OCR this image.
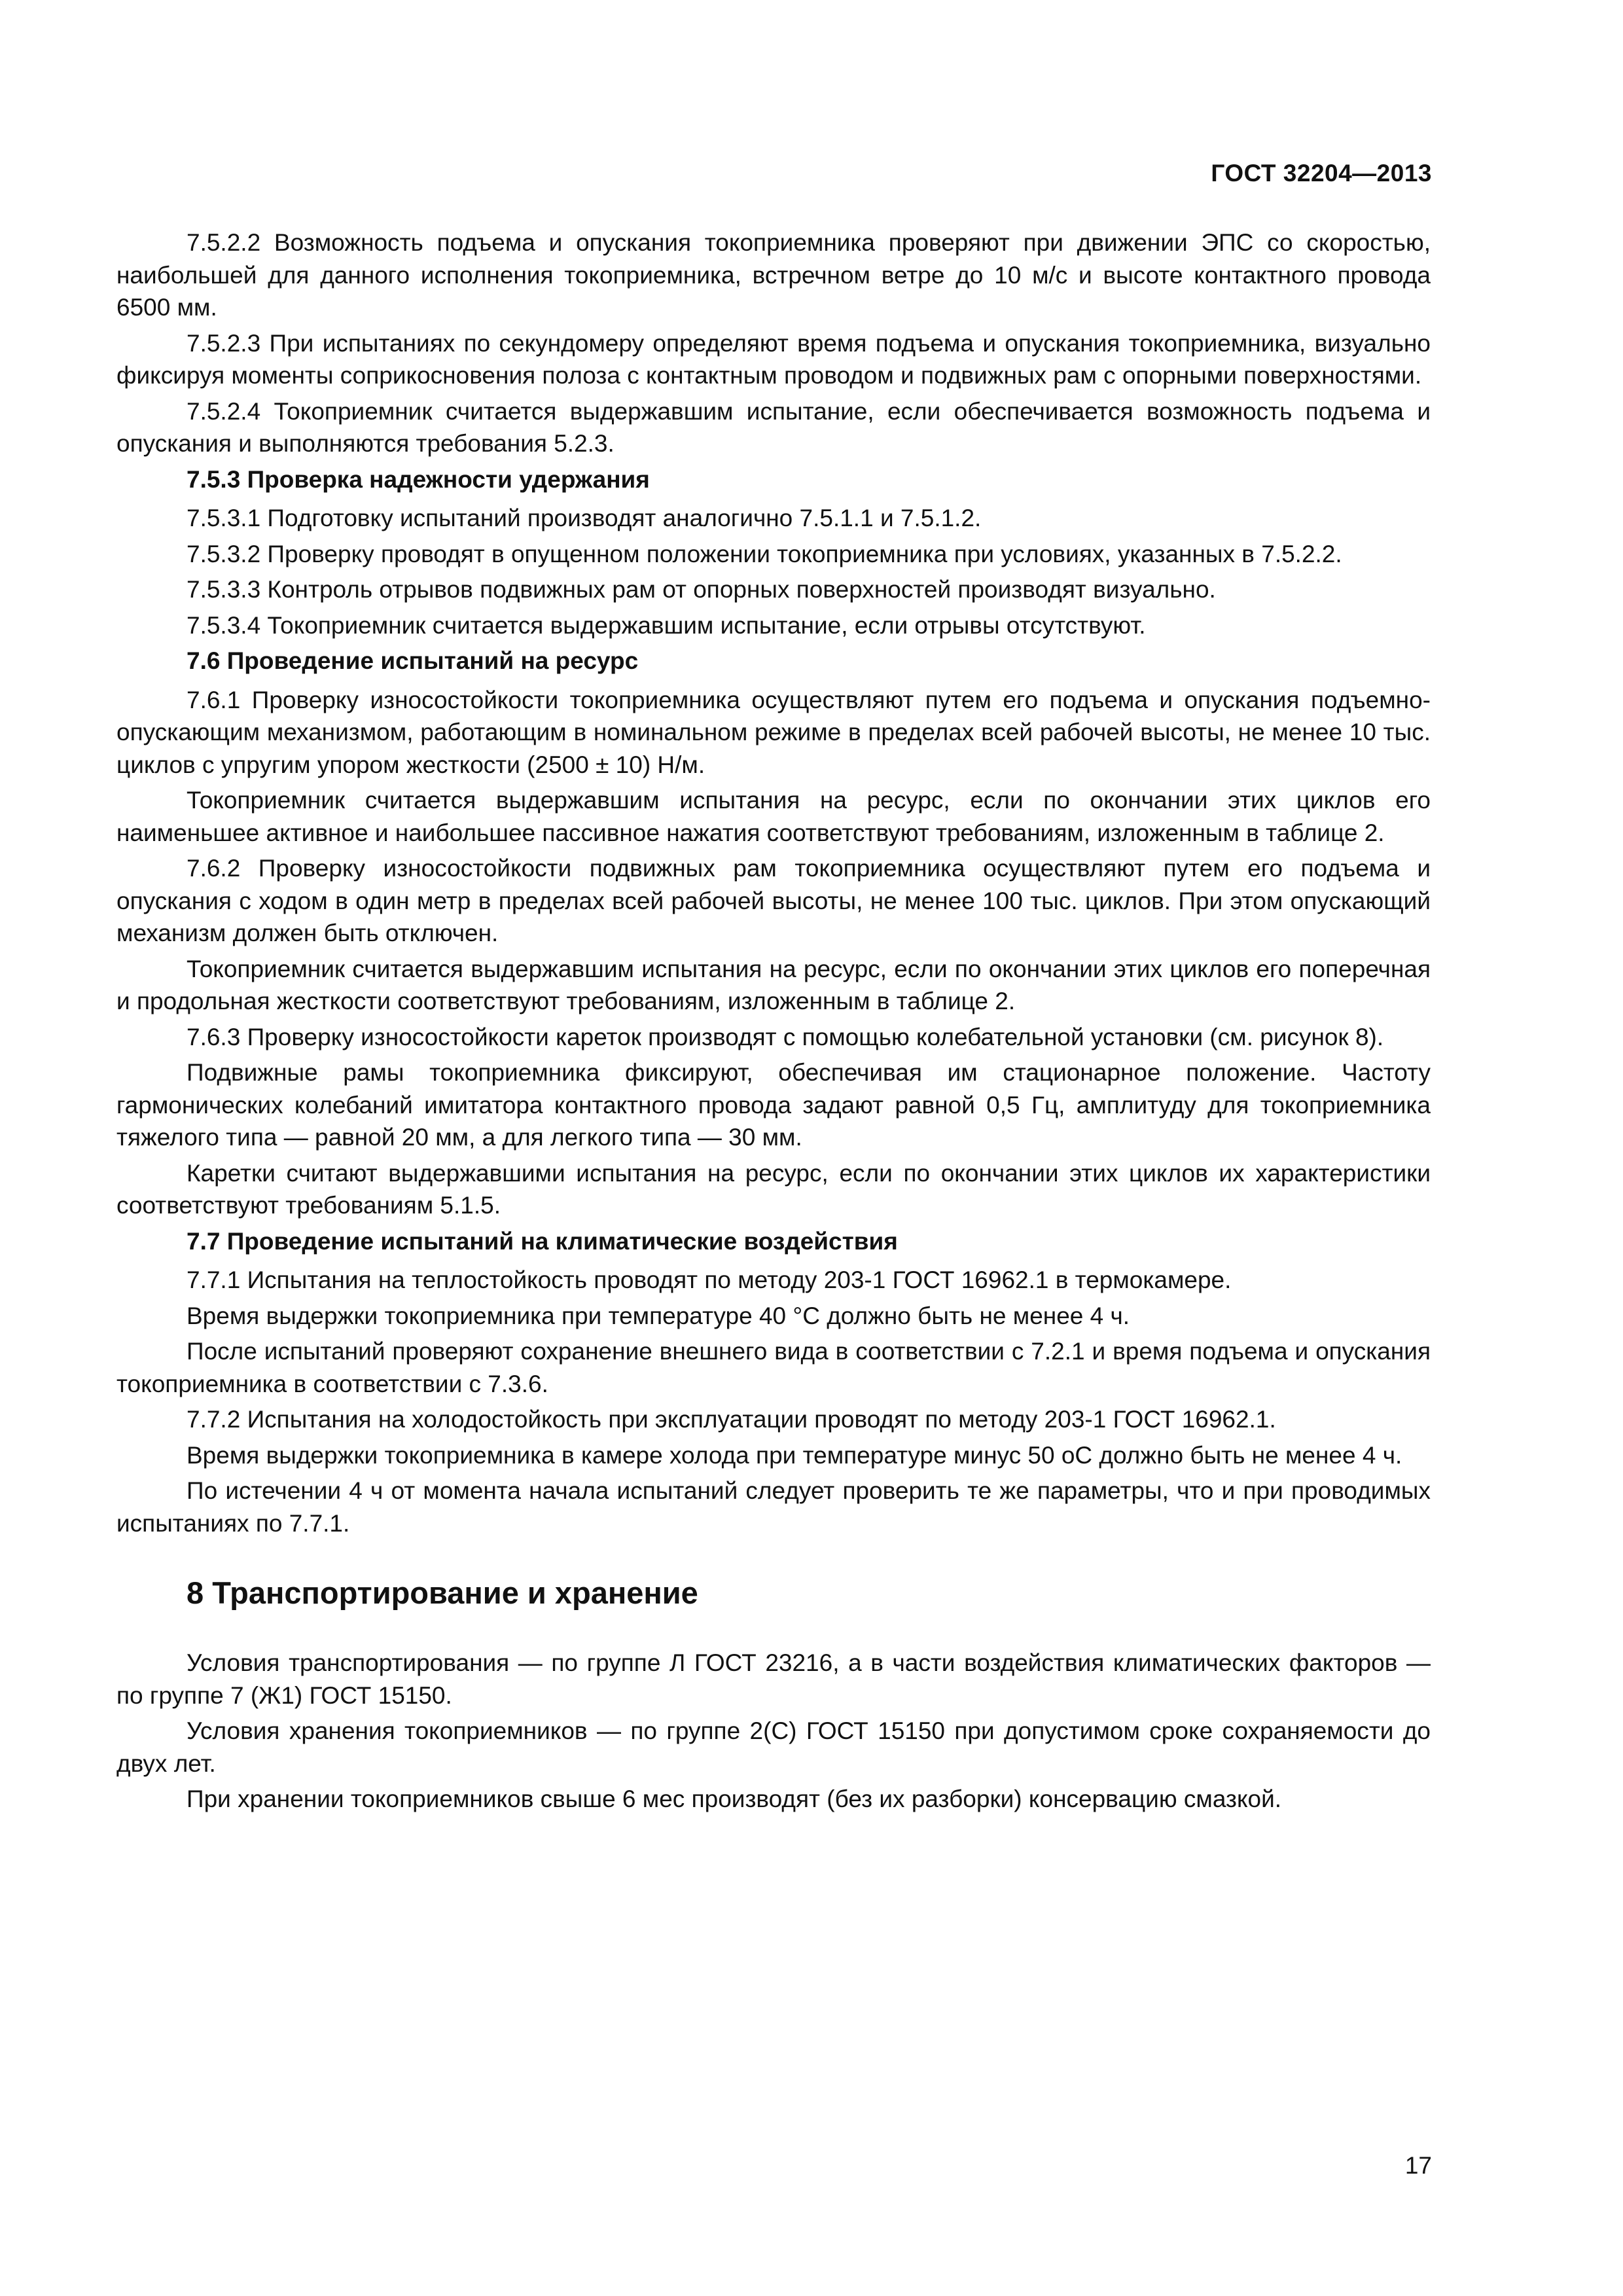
ГОСТ 32204—2013

7.5.2.2 Возможность подъема и опускания токоприемника проверяют при движении ЭПС со скоростью, наибольшей для данного исполнения токоприемника, встречном ветре до 10 м/с и высоте контактного провода 6500 мм.

7.5.2.3 При испытаниях по секундомеру определяют время подъема и опускания токоприемника, визуально фиксируя моменты соприкосновения полоза с контактным проводом и подвижных рам с опорными поверхностями.

7.5.2.4 Токоприемник считается выдержавшим испытание, если обеспечивается возможность подъема и опускания и выполняются требования 5.2.3.

7.5.3 Проверка надежности удержания

7.5.3.1 Подготовку испытаний производят аналогично 7.5.1.1 и 7.5.1.2.

7.5.3.2 Проверку проводят в опущенном положении токоприемника при условиях, указанных в 7.5.2.2.

7.5.3.3 Контроль отрывов подвижных рам от опорных поверхностей производят визуально.

7.5.3.4 Токоприемник считается выдержавшим испытание, если отрывы отсутствуют.

7.6 Проведение испытаний на ресурс

7.6.1 Проверку износостойкости токоприемника осуществляют путем его подъема и опускания подъемно-опускающим механизмом, работающим в номинальном режиме в пределах всей рабочей высоты, не менее 10 тыс. циклов с упругим упором жесткости (2500 ± 10) Н/м.

Токоприемник считается выдержавшим испытания на ресурс, если по окончании этих циклов его наименьшее активное и наибольшее пассивное нажатия соответствуют требованиям, изложенным в таблице 2.

7.6.2 Проверку износостойкости подвижных рам токоприемника осуществляют путем его подъема и опускания с ходом в один метр в пределах всей рабочей высоты, не менее 100 тыс. циклов. При этом опускающий механизм должен быть отключен.

Токоприемник считается выдержавшим испытания на ресурс, если по окончании этих циклов его поперечная и продольная жесткости соответствуют требованиям, изложенным в таблице 2.

7.6.3 Проверку износостойкости кареток производят с помощью колебательной установки (см. рисунок 8).

Подвижные рамы токоприемника фиксируют, обеспечивая им стационарное положение. Частоту гармонических колебаний имитатора контактного провода задают равной 0,5 Гц, амплитуду для токоприемника тяжелого типа — равной 20 мм, а для легкого типа — 30 мм.

Каретки считают выдержавшими испытания на ресурс, если по окончании этих циклов их характеристики соответствуют требованиям 5.1.5.

7.7 Проведение испытаний на климатические воздействия

7.7.1 Испытания на теплостойкость проводят по методу 203-1 ГОСТ 16962.1 в термокамере.

Время выдержки токоприемника при температуре 40 °С должно быть не менее 4 ч.

После испытаний проверяют сохранение внешнего вида в соответствии с 7.2.1 и время подъема и опускания токоприемника в соответствии с 7.3.6.

7.7.2 Испытания на холодостойкость при эксплуатации проводят по методу 203-1 ГОСТ 16962.1.

Время выдержки токоприемника в камере холода при температуре минус 50 оС должно быть не менее 4 ч.

По истечении 4 ч от момента начала испытаний следует проверить те же параметры, что и при проводимых испытаниях по 7.7.1.

8 Транспортирование и хранение

Условия транспортирования — по группе Л ГОСТ 23216, а в части воздействия климатических факторов — по группе 7 (Ж1) ГОСТ 15150.

Условия хранения токоприемников — по группе 2(С) ГОСТ 15150 при допустимом сроке сохраняемости до двух лет.

При хранении токоприемников свыше 6 мес производят (без их разборки) консервацию смазкой.

17
